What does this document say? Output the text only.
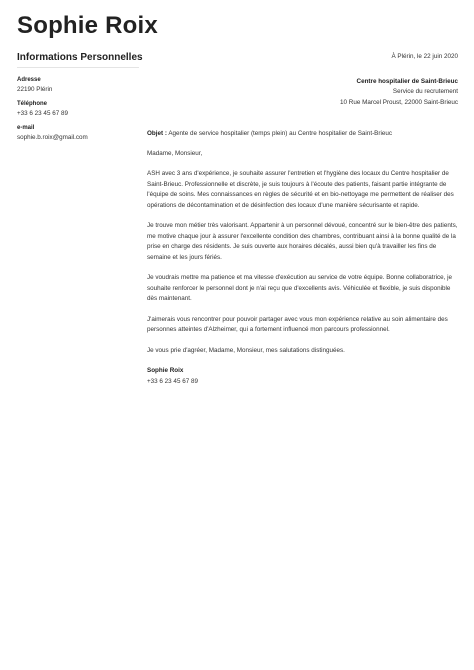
Sophie Roix
Informations Personnelles
Adresse
22190 Plérin
Téléphone
+33 6 23 45 67 89
e-mail
sophie.b.roix@gmail.com
À Plérin, le 22 juin 2020
Centre hospitalier de Saint-Brieuc
Service du recrutement
10 Rue Marcel Proust, 22000 Saint-Brieuc
Objet : Agente de service hospitalier (temps plein) au Centre hospitalier de Saint-Brieuc
Madame, Monsieur,

ASH avec 3 ans d'expérience, je souhaite assurer l'entretien et l'hygiène des locaux du Centre hospitalier de Saint-Brieuc. Professionnelle et discrète, je suis toujours à l'écoute des patients, faisant partie intégrante de l'équipe de soins. Mes connaissances en règles de sécurité et en bio-nettoyage me permettent de réaliser des opérations de décontamination et de désinfection des locaux d'une manière sécurisante et rapide.

Je trouve mon métier très valorisant. Appartenir à un personnel dévoué, concentré sur le bien-être des patients, me motive chaque jour à assurer l'excellente condition des chambres, contribuant ainsi à la bonne qualité de la prise en charge des résidents. Je suis ouverte aux horaires décalés, aussi bien qu'à travailler les fins de semaine et les jours fériés.

Je voudrais mettre ma patience et ma vitesse d'exécution au service de votre équipe. Bonne collaboratrice, je souhaite renforcer le personnel dont je n'ai reçu que d'excellents avis. Véhiculée et flexible, je suis disponible dès maintenant.

J'aimerais vous rencontrer pour pouvoir partager avec vous mon expérience relative au soin alimentaire des personnes atteintes d'Alzheimer, qui a fortement influencé mon parcours professionnel.

Je vous prie d'agréer, Madame, Monsieur, mes salutations distinguées.

Sophie Roix
+33 6 23 45 67 89
